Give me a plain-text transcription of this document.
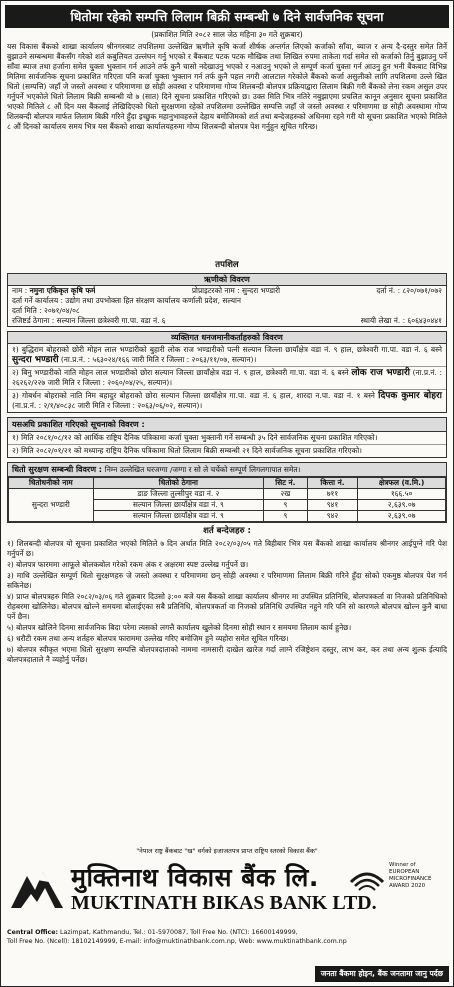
धितोमा रहेको सम्पत्ति लिलाम बिक्री सम्बन्धी ७ दिने सार्वजनिक सूचना
(प्रकाशित मिति २०८२ साल जेठ महिना ३० गते शुक्रबार)
यस विकास बैंकको शाखा कार्यालय श्रीनगरबाट तपशिलमा उल्लेखित ऋणीले कृषि कर्जा शीर्षक अन्तर्गत लिएको कर्जाको साँवा, ब्याज र अन्य दै-दस्तुर समेत तिर्ने बुझाउने सम्बन्धमा बैंकसँग गरेको शर्त कबुलियत उल्लंघन गर्नु भएको र बैंकबाट पटक पटक मौखिक तथा लिखित रुपमा ताकेता गर्दा समेत सो कर्जाको तिर्नु बुझाउनु पर्ने साँवा ब्याज तथा हर्जाना समेत चुक्ता भुक्तान गर्न आउने तर्फ कुनै चासो नदेखाउनु भएको र नआउनु भएको ले सम्पूर्ण कर्जा चुक्ता गर्न आउनु हुन भनी बैंकबाट विभिन्न मितिमा सार्वजनिक सूचना प्रकाशित गरिएता पनि कर्जा चुक्ता भुक्तान गर्न तर्फ कुनै पहल नगरी आलटाल गरेकोले बैंकको कर्जा असुलीको लागि तपशिलमा उल्ले खित धितो (सम्पत्ति) जहाँ जे जस्तो अवस्था र परिमाणमा छ सोही अवस्था र परिमाणमा गोप्य शिलबन्दी बोलपत्र प्रक्रियाद्वारा लिलाम बिक्री गरी बैंकको लेना रकम असुल उपर गर्नुपर्ने भएकोले धितो लिलाम बिक्री सम्बन्धी यो ७ (सात) दिने सूचना प्रकाशित गरिएको छ। उक्त मिति भित्र नतिरे नबुझाएमा प्रचलित कानून अनुसार सूचना प्रकाशित भएको मितिले ८ औं दिन यस बैंकलाई लेखिदिएको धितो सुरक्षणमा रहेको तपशिलमा उल्लेखित सम्पत्ति जहाँ जे जस्तो अवस्था र परिमाणमा छ सोही अवस्थामा गोप्य शिलबन्दी बोलपत्र मार्फत लिलाम बिक्री गरिने हुँदा इच्छुक महानुभावहरुले देहाय बमोजिमको शर्त तथा बन्देजहरुको अधिनमा रहने गरी यो सूचना प्रकाशित भएको मितिले ८ औं दिनको कार्यालय समय भित्र यस बैंकको शाखा कार्यालयहरुमा गोप्य शिलबन्दी बोलपत्र पेश गर्नुहुन सूचित गरिन्छ।
तपशिल
ऋणीको विवरण
नाम : नमुना एकिकृत कृषि फर्म	प्रोप्राइटरको नाम : सुन्दरा भण्डारी	दर्ता नं. : ८२०/०७१/०७२
दर्ता गर्ने कार्यालय : उद्योग तथा उपभोक्ता हित संरक्षण कार्यालय कर्णाली प्रदेश, सल्यान
दर्ता मिति : २०७१/०४/०८
रजिष्टर्ड ठेगाना : सल्यान जिल्ला छत्रेश्वरी गा.पा. वडा नं. ६	स्थायी लेखा नं. : ६०६४३०४४१
व्यक्तिगत धनजमानीकर्ताहरुको विवरण
१) बुद्धिराम बोहराको छोरी मोहन लाल भण्डारीको बुहारी लोक राज भण्डारीको पत्नी सल्यान जिल्ला छायाँक्षेत्र वडा नं. ९ हाल, छत्रेश्वरी गा.पा. वडा नं. ६ बस्ने सुन्दरा भण्डारी (ना.प्र.नं. : ५६३०२४/१६६ जारी मिति र जिल्ला : २०६३/११/०७, सल्यान)।
२) बिनु भण्डारीको नाति मोहन लाल भण्डारीको छोरा सल्यान जिल्ला छायाँक्षेत्र वडा नं. ९ हाल, छत्रेश्वरी गा.पा. वडा नं. ६ बस्ने लोक राज भण्डारी (ना.प्र.नं. : २६२६२/२२७ जारी मिति र जिल्ला : २०६०/०४/२५, सल्यान)।
३) गोबर्धन बोहराको नाति निम बहादुर बोहराको छोरा सल्यान जिल्ला छायाँक्षेत्र गा.पा. वडा नं. ६ हाल, शारदा न.पा. वडा नं. १ बस्ने दिपक कुमार बोहरा (ना.प्र.नं. : २/१/४०८३८ जारी मिति र जिल्ला : २०६३/०६/०२, सल्यान)।
यसअघि प्रकाशित गरिएको सूचनाको विवरण :
१) मिति २०८१/०८/१२ को आर्थिक राष्ट्रिय दैनिक पत्रिकामा कर्जा चुक्ता भुक्तानी गर्ने सम्बन्धी ३५ दिने सार्वजनिक सूचना प्रकाशित गरिएको।
२) मिति २०८२/०१/२१ को मध्यान्ह राष्ट्रिय दैनिक पत्रिकामा धितो लिलाम बिक्री सम्बन्धी २१ दिने सार्वजनिक सूचना प्रकाशित गरिएको।
धितो सुरक्षण सम्बन्धी विवरण : निम्न उल्लेखित घरजग्गा /जग्गा र सो ले चर्चेको सम्पूर्ण लिगलगापात समेत।
धितोधनीको नाम	धितोको ठेगाना	सिट नं.	कित्ता नं.	क्षेत्रफल (व.मि.)
सुन्दरा भण्डारी	डाङ जिल्ला तुल्सीपुर वडा नं. २	२ख	७११	१६६.५०
	सल्यान जिल्ला छायाँक्षेत्र वडा नं. ९	९	९४१	२,६३९.०७
	सल्यान जिल्ला छायाँक्षेत्र वडा नं. ९	९	९४२	२,६३९.०७
शर्त बन्देजहरु :
१) शिलबन्दी बोलपत्र यो सूचना प्रकाशित भएको मितिले ७ दिन अर्थात मिति २०८२/०३/०५ गते बिहीबार भित्र यस बैंकको शाखा कार्यालय श्रीनगर आईपुग्ने गरि पेश गर्नुपर्ने छ।
२) बोलपत्र फारममा आफूले बोलकबोल गरेको रकम अंक र अक्षरमा स्पष्ट उल्लेख गर्नुपर्ने छ।
३) माथि उल्लेखित सम्पूर्ण धितो सुरक्षणहरु जे जस्तो अवस्था र परिमाणमा छन् सोही अवस्था र परिमाणमा लिलाम बिक्री गरिने हुँदा सोको एकमुष्ठ बोलपत्र पेश गर्न सकिनेछ।
४) प्राप्त बोलपत्रहरु मिति २०८२/०३/०६ गते शुक्रबार दिउसो ३:०० बजे यस बैंकको शाखा कार्यालय श्रीनगर मा उपस्थित प्रतिनिधि, बोलपत्रकर्ता वा निजको प्रतिनिधिको रोहबरमा खोलिनेछ। बोलपत्र खोल्ने समयमा बोलाईएका सबै प्रतिनिधि, बोलपत्रकर्ता वा निजको प्रतिनिधि उपस्थित नहुने गरि पनि सो कारणले बोलपत्र खोल्न कुनै बाधा पर्ने छैन।
५) बोलपत्र खोलिने दिनमा सार्वजनिक बिदा परेमा त्यसको लगत्तै कार्यालय खुलेको दिनमा सोही स्थान र समयमा लिलाम कार्य हुनेछ।
६) धरौटी रकम तथा अन्य शर्तहरु बोलपत्र फाराममा उल्लेख गरिए बमोजिम हुने व्यहोरा समेत सूचित गरिन्छ।
७) बोलपत्र स्वीकृत भएमा धितो सुरक्षण सम्पत्ति बोलपत्रदाताको नाममा नामसारी दाखेल खारेज गर्दा लाग्ने रजिष्ट्रेशन दस्तुर, लाभ कर, कर तथा अन्य शुल्क ईत्यादि बोलपत्रदाताले नै व्यहोर्नु पर्नेछ।
"नेपाल राष्ट्र बैंकबाट "ख" वर्गको इजाजतपत्र प्राप्त राष्ट्रिय स्तरको विकास बैंक"
मुक्तिनाथ विकास बैंक लि.
MUKTINATH BIKAS BANK LTD.
Winner of EUROPEAN MICROFINANCE AWARD 2020
Central Office: Lazimpat, Kathmandu, Tel.: 01-5970087, Toll Free No. (NTC): 16600149999,
Toll Free No. (Ncell): 18102149999, E-mail: info@muktinathbank.com.np, Web: www.muktinathbank.com.np
जनता बैंकमा होइन, बैंक जनतामा जानु पर्दछ
